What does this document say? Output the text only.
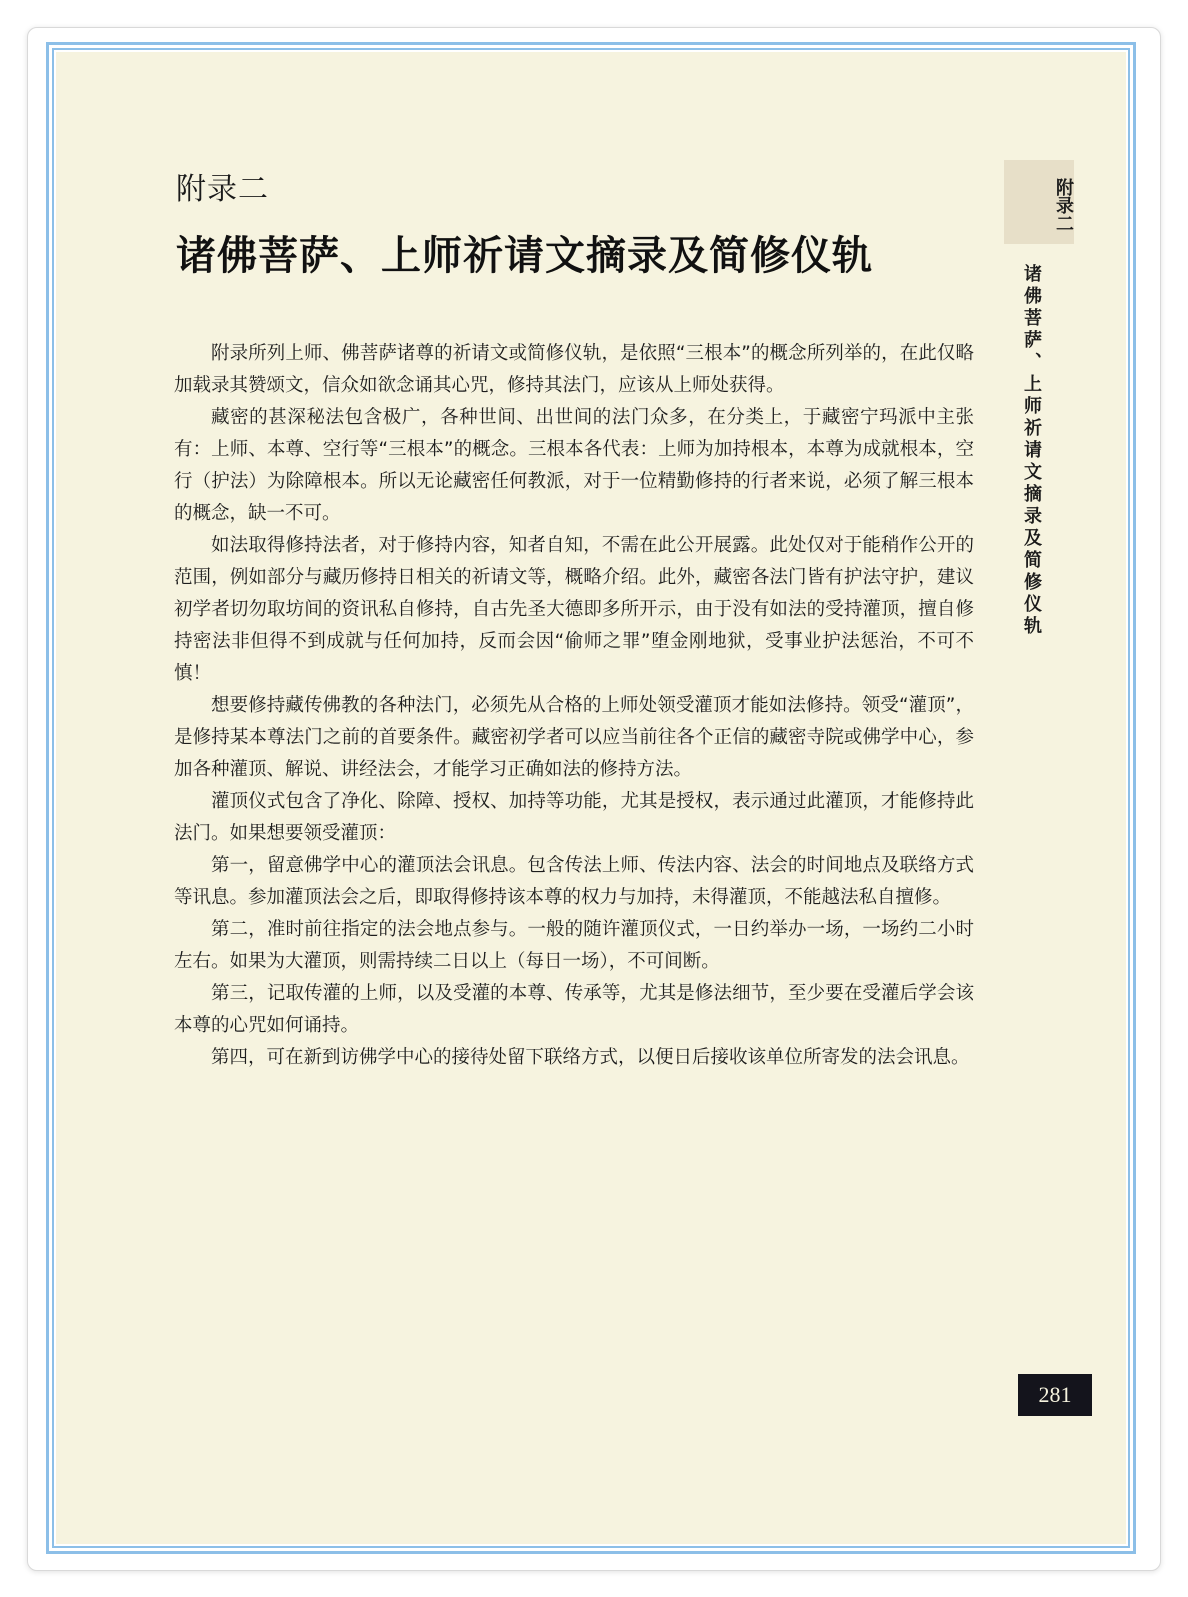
附录二
诸佛菩萨、上师祈请文摘录及简修仪轨

附录所列上师、佛菩萨诸尊的祈请文或简修仪轨，是依照“三根本”的概念所列举的，在此仅略加载录其赞颂文，信众如欲念诵其心咒，修持其法门，应该从上师处获得。

藏密的甚深秘法包含极广，各种世间、出世间的法门众多，在分类上，于藏密宁玛派中主张有：上师、本尊、空行等“三根本”的概念。三根本各代表：上师为加持根本，本尊为成就根本，空行（护法）为除障根本。所以无论藏密任何教派，对于一位精勤修持的行者来说，必须了解三根本的概念，缺一不可。

如法取得修持法者，对于修持内容，知者自知，不需在此公开展露。此处仅对于能稍作公开的范围，例如部分与藏历修持日相关的祈请文等，概略介绍。此外，藏密各法门皆有护法守护，建议初学者切勿取坊间的资讯私自修持，自古先圣大德即多所开示，由于没有如法的受持灌顶，擅自修持密法非但得不到成就与任何加持，反而会因“偷师之罪”堕金刚地狱，受事业护法惩治，不可不慎！

想要修持藏传佛教的各种法门，必须先从合格的上师处领受灌顶才能如法修持。领受“灌顶”，是修持某本尊法门之前的首要条件。藏密初学者可以应当前往各个正信的藏密寺院或佛学中心，参加各种灌顶、解说、讲经法会，才能学习正确如法的修持方法。

灌顶仪式包含了净化、除障、授权、加持等功能，尤其是授权，表示通过此灌顶，才能修持此法门。如果想要领受灌顶：

第一，留意佛学中心的灌顶法会讯息。包含传法上师、传法内容、法会的时间地点及联络方式等讯息。参加灌顶法会之后，即取得修持该本尊的权力与加持，未得灌顶，不能越法私自擅修。

第二，准时前往指定的法会地点参与。一般的随许灌顶仪式，一日约举办一场，一场约二小时左右。如果为大灌顶，则需持续二日以上（每日一场），不可间断。

第三，记取传灌的上师，以及受灌的本尊、传承等，尤其是修法细节，至少要在受灌后学会该本尊的心咒如何诵持。

第四，可在新到访佛学中心的接待处留下联络方式，以便日后接收该单位所寄发的法会讯息。

附录二
诸佛菩萨、上师祈请文摘录及简修仪轨
281
